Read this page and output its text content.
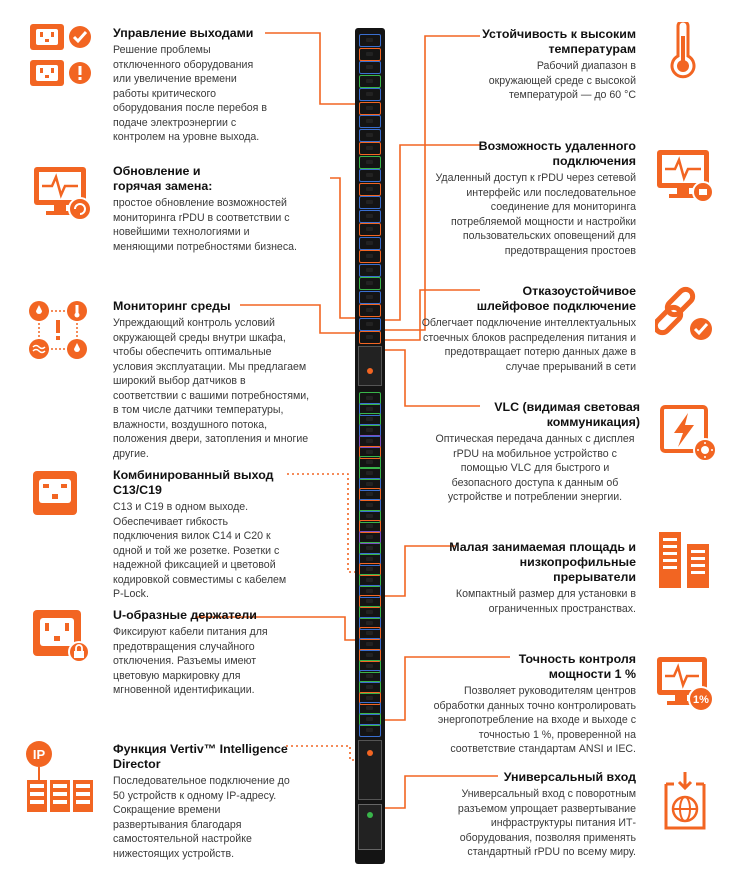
Управление выходами
Решение проблемы отключенного оборудования или увеличение времени работы критического оборудования после перебоя в подаче электроэнергии с контролем на уровне выхода.
Обновление и горячая замена:
простое обновление возможностей мониторинга rPDU в соответствии с новейшими технологиями и меняющими потребностями бизнеса.
Мониторинг среды
Упреждающий контроль условий окружающей среды внутри шкафа, чтобы обеспечить оптимальные условия эксплуатации. Мы предлагаем широкий выбор датчиков в соответствии с вашими потребностями, в том числе датчики температуры, влажности, воздушного потока, положения двери, затопления и многие другие.
Комбинированный выход C13/C19
C13 и C19 в одном выходе. Обеспечивает гибкость подключения вилок C14 и C20 к одной и той же розетке. Розетки с надежной фиксацией и цветовой кодировкой совместимы с кабелем P-Lock.
U-образные держатели
Фиксируют кабели питания для предотвращения случайного отключения. Разъемы имеют цветовую маркировку для мгновенной идентификации.
Функция Vertiv™ Intelligence Director
Последовательное подключение до 50 устройств к одному IP-адресу. Сокращение времени развертывания благодаря самостоятельной настройке нижестоящих устройств.
Устойчивость к высоким температурам
Рабочий диапазон в окружающей среде с высокой температурой — до 60 °С
Возможность удаленного подключения
Удаленный доступ к rPDU через сетевой интерфейс или последовательное соединение для мониторинга потребляемой мощности и настройки пользовательских оповещений для предотвращения простоев
Отказоустойчивое шлейфовое подключение
Облегчает подключение интеллектуальных стоечных блоков распределения питания и предотвращает потерю данных даже в случае прерываний в сети
VLC (видимая световая коммуникация)
Оптическая передача данных с дисплея rPDU на мобильное устройство с помощью VLC для быстрого и безопасного доступа к данным об устройстве и потреблении энергии.
Малая занимаемая площадь и низкопрофильные прерыватели
Компактный размер для установки в ограниченных пространствах.
Точность контроля мощности 1 %
Позволяет руководителям центров обработки данных точно контролировать энергопотребление на входе и выходе с точностью 1 %, проверенной на соответствие стандартам ANSI и IEC.
Универсальный вход
Универсальный вход с поворотным разъемом упрощает развертывание инфраструктуры питания ИТ-оборудования, позволяя применять стандартный rPDU по всему миру.
IP
1%
